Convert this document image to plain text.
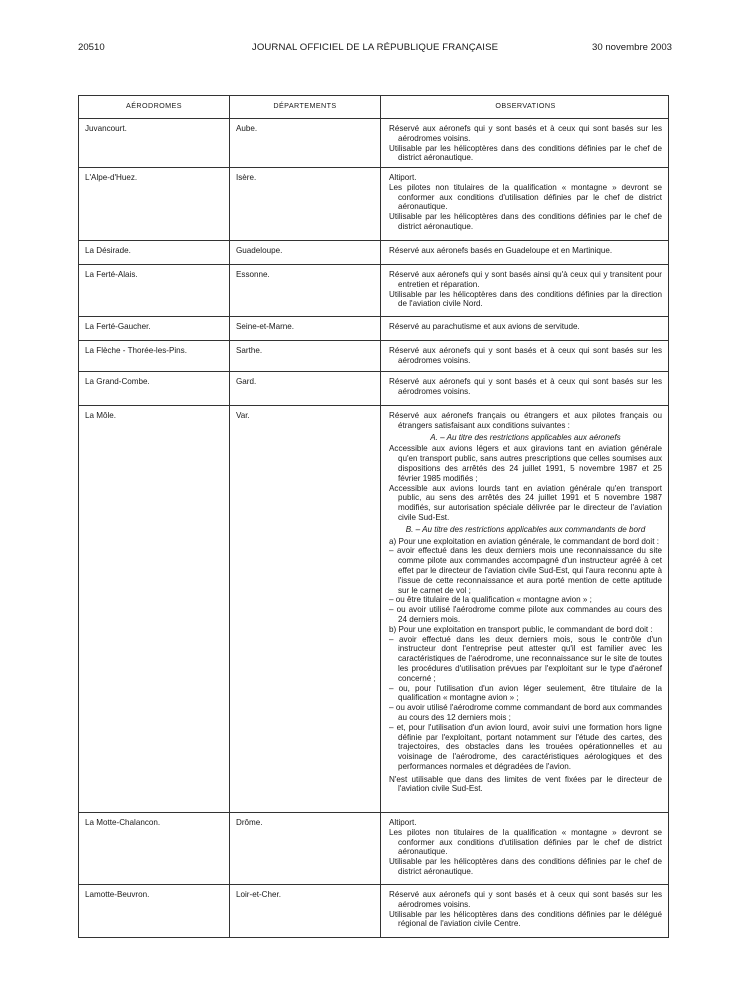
20510	JOURNAL OFFICIEL DE LA RÉPUBLIQUE FRANÇAISE	30 novembre 2003
AÉRODROMES	DÉPARTEMENTS	OBSERVATIONS
Juvancourt.	Aube.	Réservé aux aéronefs qui y sont basés et à ceux qui sont basés sur les aérodromes voisins.

Utilisable par les hélicoptères dans des conditions définies par le chef de district aéronautique.

L'Alpe-d'Huez.	Isère.	Altiport.

Les pilotes non titulaires de la qualification « montagne » devront se conformer aux conditions d'utilisation définies par le chef de district aéronautique.

Utilisable par les hélicoptères dans des conditions définies par le chef de district aéronautique.

La Désirade.	Guadeloupe.	Réservé aux aéronefs basés en Guadeloupe et en Martinique.

La Ferté-Alais.	Essonne.	Réservé aux aéronefs qui y sont basés ainsi qu'à ceux qui y transitent pour entretien et réparation.

Utilisable par les hélicoptères dans des conditions définies par la direction de l'aviation civile Nord.

La Ferté-Gaucher.	Seine-et-Marne.	Réservé au parachutisme et aux avions de servitude.

La Flèche - Thorée-les-Pins.	Sarthe.	Réservé aux aéronefs qui y sont basés et à ceux qui sont basés sur les aérodromes voisins.

La Grand-Combe.	Gard.	Réservé aux aéronefs qui y sont basés et à ceux qui sont basés sur les aérodromes voisins.

La Môle.	Var.	Réservé aux aéronefs français ou étrangers et aux pilotes français ou étrangers satisfaisant aux conditions suivantes :

A. – Au titre des restrictions applicables aux aéronefs

Accessible aux avions légers et aux giravions tant en aviation générale qu'en transport public, sans autres prescriptions que celles soumises aux dispositions des arrêtés des 24 juillet 1991, 5 novembre 1987 et 25 février 1985 modifiés ;

Accessible aux avions lourds tant en aviation générale qu'en transport public, au sens des arrêtés des 24 juillet 1991 et 5 novembre 1987 modifiés, sur autorisation spéciale délivrée par le directeur de l'aviation civile Sud-Est.

B. – Au titre des restrictions applicables aux commandants de bord

a) Pour une exploitation en aviation générale, le commandant de bord doit :

– avoir effectué dans les deux derniers mois une reconnaissance du site comme pilote aux commandes accompagné d'un instructeur agréé à cet effet par le directeur de l'aviation civile Sud-Est, qui l'aura reconnu apte à l'issue de cette reconnaissance et aura porté mention de cette aptitude sur le carnet de vol ;

– ou être titulaire de la qualification « montagne avion » ;

– ou avoir utilisé l'aérodrome comme pilote aux commandes au cours des 24 derniers mois.

b) Pour une exploitation en transport public, le commandant de bord doit :

– avoir effectué dans les deux derniers mois, sous le contrôle d'un instructeur dont l'entreprise peut attester qu'il est familier avec les caractéristiques de l'aérodrome, une reconnaissance sur le site de toutes les procédures d'utilisation prévues par l'exploitant sur le type d'aéronef concerné ;

– ou, pour l'utilisation d'un avion léger seulement, être titulaire de la qualification « montagne avion » ;

– ou avoir utilisé l'aérodrome comme commandant de bord aux commandes au cours des 12 derniers mois ;

– et, pour l'utilisation d'un avion lourd, avoir suivi une formation hors ligne définie par l'exploitant, portant notamment sur l'étude des cartes, des trajectoires, des obstacles dans les trouées opérationnelles et au voisinage de l'aérodrome, des caractéristiques aérologiques et des performances normales et dégradées de l'avion.

N'est utilisable que dans des limites de vent fixées par le directeur de l'aviation civile Sud-Est.

La Motte-Chalancon.	Drôme.	Altiport.

Les pilotes non titulaires de la qualification « montagne » devront se conformer aux conditions d'utilisation définies par le chef de district aéronautique.

Utilisable par les hélicoptères dans des conditions définies par le chef de district aéronautique.

Lamotte-Beuvron.	Loir-et-Cher.	Réservé aux aéronefs qui y sont basés et à ceux qui sont basés sur les aérodromes voisins.

Utilisable par les hélicoptères dans des conditions définies par le délégué régional de l'aviation civile Centre.
